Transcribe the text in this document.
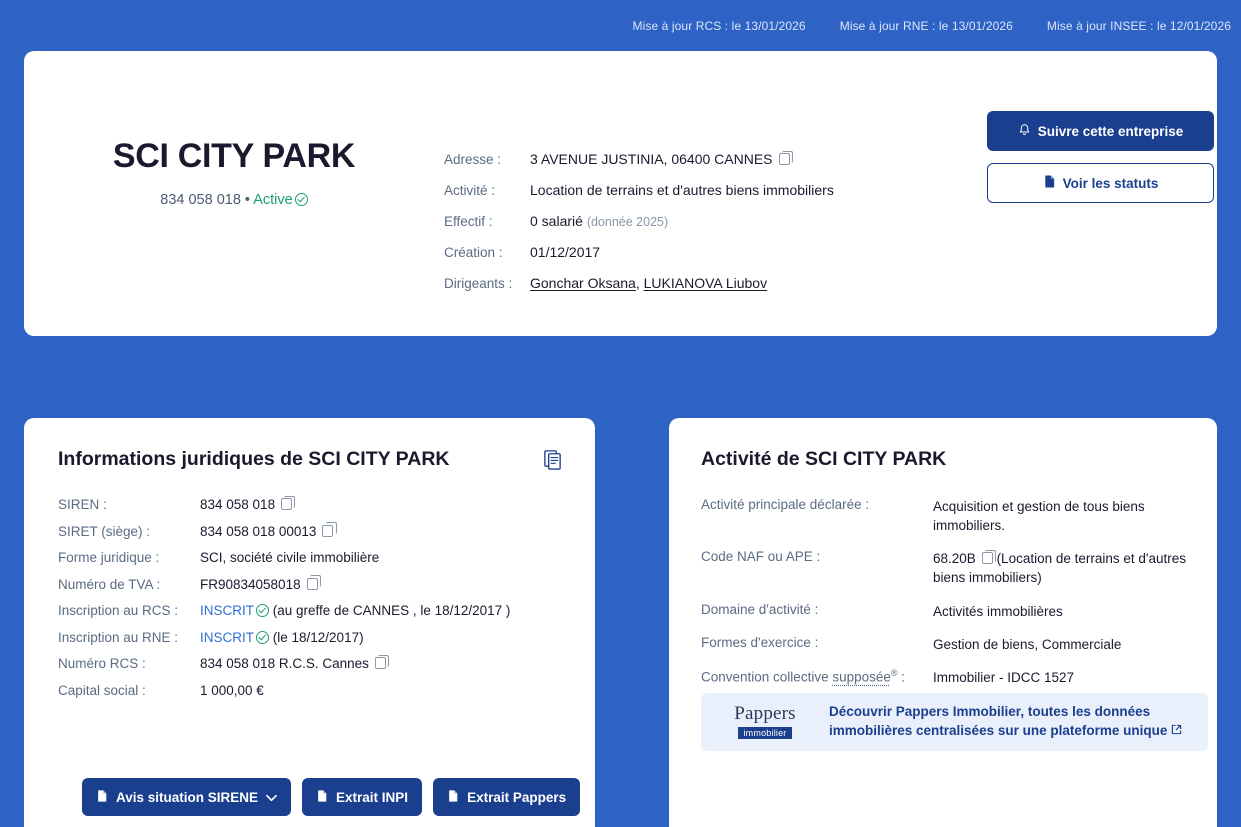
Mise à jour RCS : le 13/01/2026	Mise à jour RNE : le 13/01/2026	Mise à jour INSEE : le 12/01/2026
SCI CITY PARK
834 058 018 • Active
Adresse :	3 AVENUE JUSTINIA, 06400 CANNES
Activité :	Location de terrains et d'autres biens immobiliers
Effectif :	0 salarié (donnée 2025)
Création :	01/12/2017
Dirigeants :	Gonchar Oksana, LUKIANOVA Liubov
Suivre cette entreprise
Voir les statuts
Informations juridiques de SCI CITY PARK
SIREN :	834 058 018
SIRET (siège) :	834 058 018 00013
Forme juridique :	SCI, société civile immobilière
Numéro de TVA :	FR90834058018
Inscription au RCS :	INSCRIT (au greffe de CANNES , le 18/12/2017 )
Inscription au RNE :	INSCRIT (le 18/12/2017)
Numéro RCS :	834 058 018 R.C.S. Cannes
Capital social :	1 000,00 €
Avis situation SIRENE	Extrait INPI	Extrait Pappers
Activité de SCI CITY PARK
Activité principale déclarée :	Acquisition et gestion de tous biens immobiliers.
Code NAF ou APE :	68.20B (Location de terrains et d'autres biens immobiliers)
Domaine d'activité :	Activités immobilières
Formes d'exercice :	Gestion de biens, Commerciale
Convention collective supposée® :	Immobilier - IDCC 1527
Pappers
immobilier
Découvrir Pappers Immobilier, toutes les données
immobilières centralisées sur une plateforme unique
